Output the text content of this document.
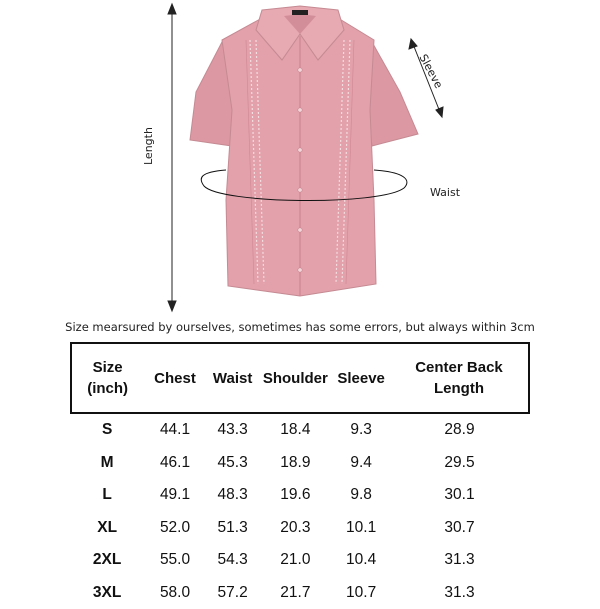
Length
Sleeve
Waist
Size mearsured by ourselves, sometimes has some errors, but always within 3cm
Size
(inch)	Chest	Waist	Shoulder	Sleeve	Center Back
Length
S	44.1	43.3	18.4	9.3	28.9
M	46.1	45.3	18.9	9.4	29.5
L	49.1	48.3	19.6	9.8	30.1
XL	52.0	51.3	20.3	10.1	30.7
2XL	55.0	54.3	21.0	10.4	31.3
3XL	58.0	57.2	21.7	10.7	31.3
